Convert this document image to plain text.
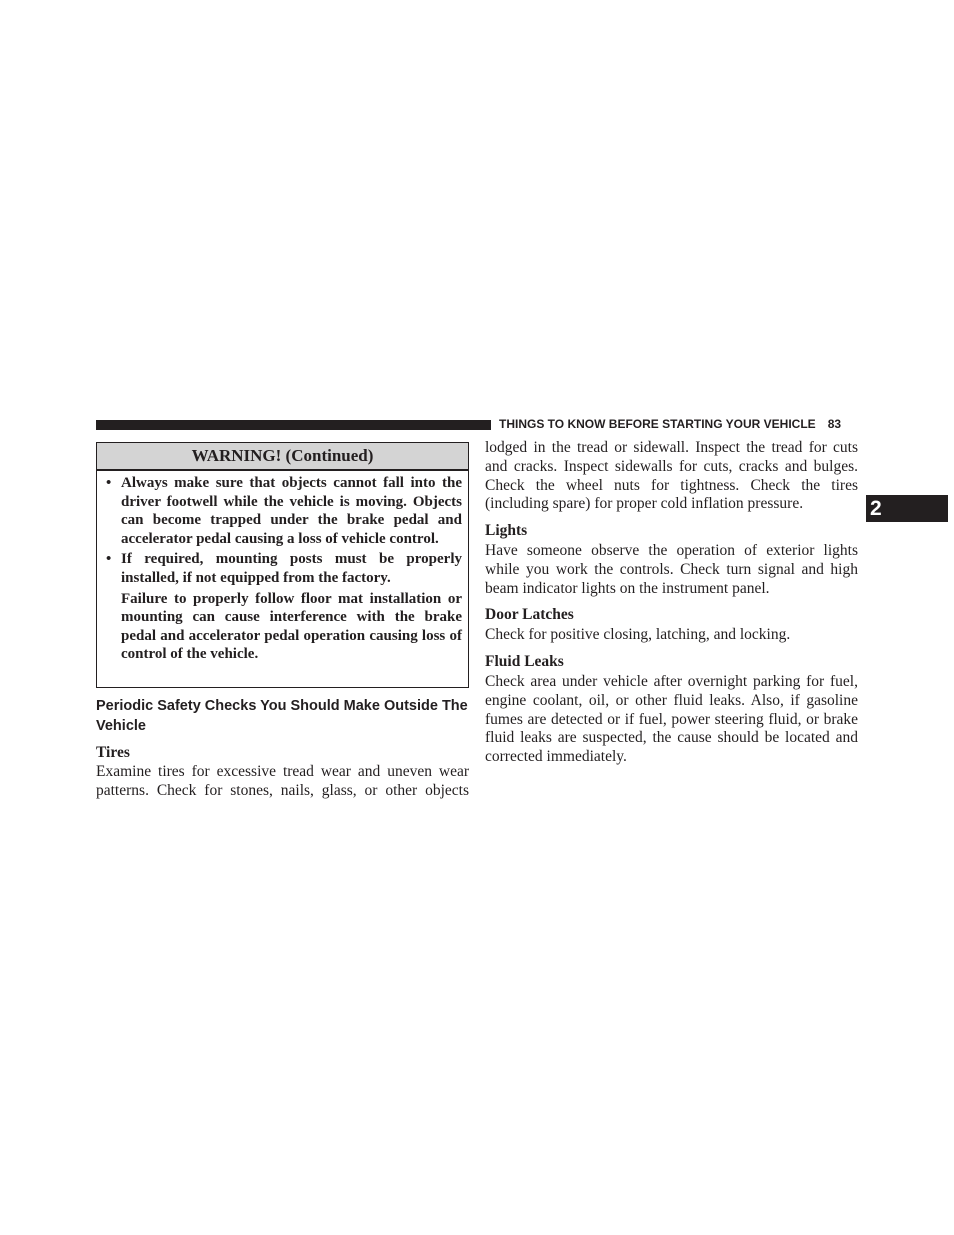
THINGS TO KNOW BEFORE STARTING YOUR VEHICLE 83
2
WARNING! (Continued)
• Always make sure that objects cannot fall into the driver footwell while the vehicle is moving. Objects can become trapped under the brake pedal and accelerator pedal causing a loss of vehicle control.
• If required, mounting posts must be properly installed, if not equipped from the factory.

Failure to properly follow floor mat installation or mounting can cause interference with the brake pedal and accelerator pedal operation causing loss of control of the vehicle.

Periodic Safety Checks You Should Make Outside The Vehicle
Tires
Examine tires for excessive tread wear and uneven wear patterns. Check for stones, nails, glass, or other objects
lodged in the tread or sidewall. Inspect the tread for cuts and cracks. Inspect sidewalls for cuts, cracks and bulges. Check the wheel nuts for tightness. Check the tires (including spare) for proper cold inflation pressure.
Lights
Have someone observe the operation of exterior lights while you work the controls. Check turn signal and high beam indicator lights on the instrument panel.
Door Latches
Check for positive closing, latching, and locking.
Fluid Leaks
Check area under vehicle after overnight parking for fuel, engine coolant, oil, or other fluid leaks. Also, if gasoline fumes are detected or if fuel, power steering fluid, or brake fluid leaks are suspected, the cause should be located and corrected immediately.
